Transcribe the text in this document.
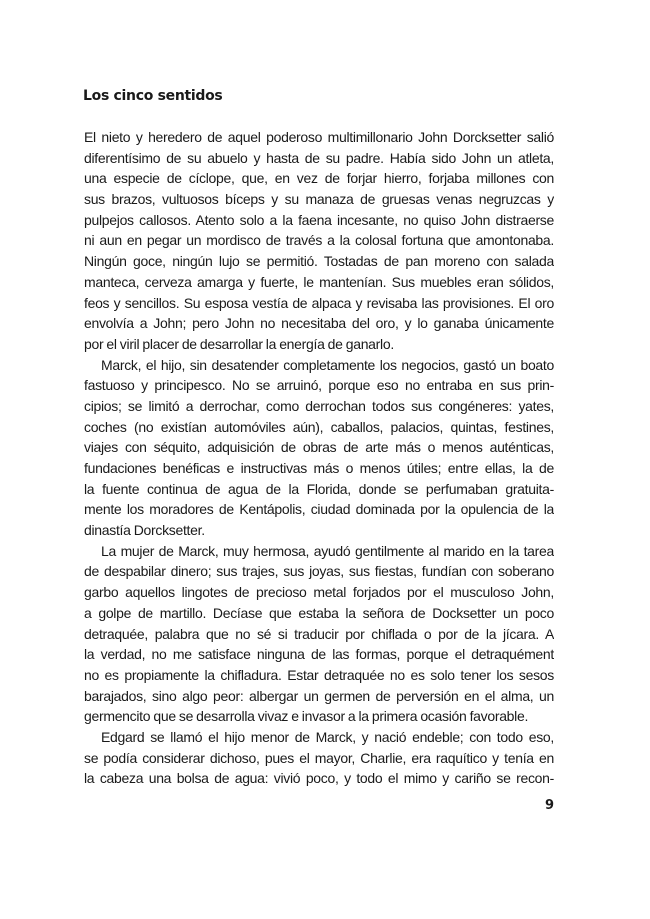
Los cinco sentidos
El nieto y heredero de aquel poderoso multimillonario John Dorcksetter salió
diferentísimo de su abuelo y hasta de su padre. Había sido John un atleta,
una especie de cíclope, que, en vez de forjar hierro, forjaba millones con
sus brazos, vultuosos bíceps y su manaza de gruesas venas negruzcas y
pulpejos callosos. Atento solo a la faena incesante, no quiso John distraerse
ni aun en pegar un mordisco de través a la colosal fortuna que amontonaba.
Ningún goce, ningún lujo se permitió. Tostadas de pan moreno con salada
manteca, cerveza amarga y fuerte, le mantenían. Sus muebles eran sólidos,
feos y sencillos. Su esposa vestía de alpaca y revisaba las provisiones. El oro
envolvía a John; pero John no necesitaba del oro, y lo ganaba únicamente
por el viril placer de desarrollar la energía de ganarlo.
Marck, el hijo, sin desatender completamente los negocios, gastó un boato
fastuoso y principesco. No se arruinó, porque eso no entraba en sus prin-
cipios; se limitó a derrochar, como derrochan todos sus congéneres: yates,
coches (no existían automóviles aún), caballos, palacios, quintas, festines,
viajes con séquito, adquisición de obras de arte más o menos auténticas,
fundaciones benéficas e instructivas más o menos útiles; entre ellas, la de
la fuente continua de agua de la Florida, donde se perfumaban gratuita-
mente los moradores de Kentápolis, ciudad dominada por la opulencia de la
dinastía Dorcksetter.
La mujer de Marck, muy hermosa, ayudó gentilmente al marido en la tarea
de despabilar dinero; sus trajes, sus joyas, sus fiestas, fundían con soberano
garbo aquellos lingotes de precioso metal forjados por el musculoso John,
a golpe de martillo. Decíase que estaba la señora de Docksetter un poco
detraquée, palabra que no sé si traducir por chiflada o por de la jícara. A
la verdad, no me satisface ninguna de las formas, porque el detraquément
no es propiamente la chifladura. Estar detraquée no es solo tener los sesos
barajados, sino algo peor: albergar un germen de perversión en el alma, un
germencito que se desarrolla vivaz e invasor a la primera ocasión favorable.
Edgard se llamó el hijo menor de Marck, y nació endeble; con todo eso,
se podía considerar dichoso, pues el mayor, Charlie, era raquítico y tenía en
la cabeza una bolsa de agua: vivió poco, y todo el mimo y cariño se recon-
9
